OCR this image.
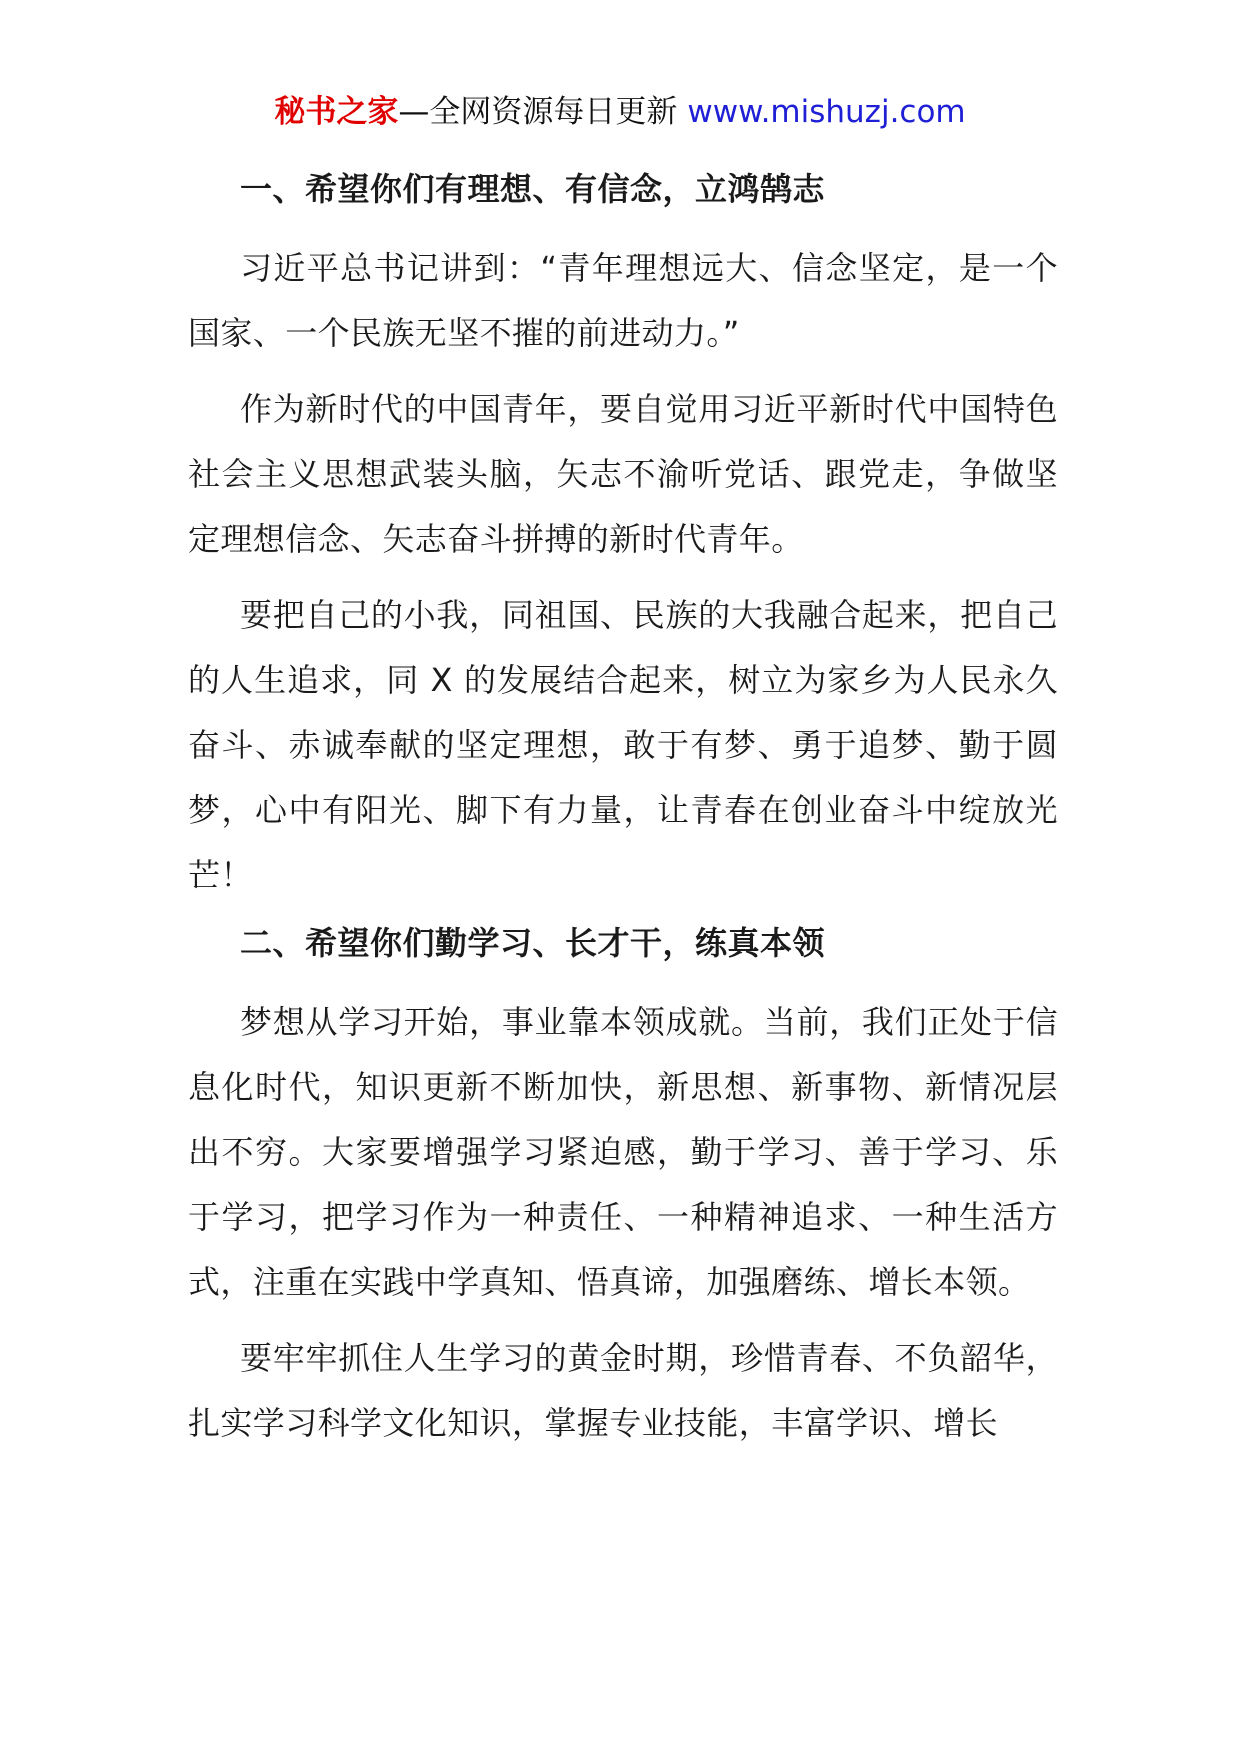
秘书之家—全网资源每日更新 www.mishuzj.com
一、希望你们有理想、有信念，立鸿鹄志

习近平总书记讲到：“青年理想远大、信念坚定，是一个国家、一个民族无坚不摧的前进动力。”

作为新时代的中国青年，要自觉用习近平新时代中国特色社会主义思想武装头脑，矢志不渝听党话、跟党走，争做坚定理想信念、矢志奋斗拼搏的新时代青年。

要把自己的小我，同祖国、民族的大我融合起来，把自己的人生追求，同 X 的发展结合起来，树立为家乡为人民永久奋斗、赤诚奉献的坚定理想，敢于有梦、勇于追梦、勤于圆梦，心中有阳光、脚下有力量，让青春在创业奋斗中绽放光芒！

二、希望你们勤学习、长才干，练真本领

梦想从学习开始，事业靠本领成就。当前，我们正处于信息化时代，知识更新不断加快，新思想、新事物、新情况层出不穷。大家要增强学习紧迫感，勤于学习、善于学习、乐于学习，把学习作为一种责任、一种精神追求、一种生活方式，注重在实践中学真知、悟真谛，加强磨练、增长本领。

要牢牢抓住人生学习的黄金时期，珍惜青春、不负韶华，扎实学习科学文化知识，掌握专业技能，丰富学识、增长
